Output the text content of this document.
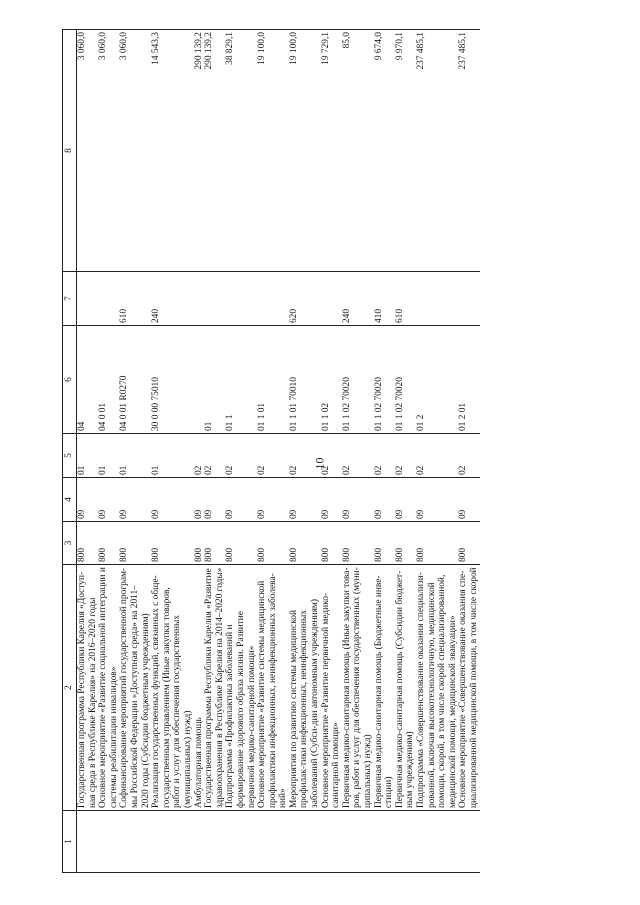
10
1	2	3	4	5	6	7	8
	Государственная программа Республики Карелия «Доступ-ная среда в Республике Карелия» на 2016–2020 годы	800	09	01	04		3 060,0
	Основное мероприятие «Развитие социальной интеграции и системы реабилитации инвалидов»	800	09	01	04 0 01		3 060,0
	Софинансирование мероприятий государственной програм-мы Российской Федерации «Доступная среда» на 2011–2020 годы (Субсидии бюджетным учреждениям)	800	09	01	04 0 01 R0270	610	3 060,0
	Реализация государственных функций, связанных с обще-государственным управлением (Иные закупки товаров, работ и услуг для обеспечения государственных (муниципальных) нужд)	800	09	01	30 0 00 75010	240	14 543,3
	Амбулаторная помощь	800	09	02			290 139,2
	Государственная программа Республики Карелия «Развитие здравоохранения в Республике Карелия на 2014–2020 годы»	800	09	02	01		290 139,2
	Подпрограмма «Профилактика заболеваний и формирование здорового образа жизни. Развитие первичной медико-санитарной помощи»	800	09	02	01 1		38 829,1
	Основное мероприятие «Развитие системы медицинской профилактики инфекционных, неинфекционных заболева-ний»	800	09	02	01 1 01		19 100,0
	Мероприятия по развитию системы медицинской профилак-тики инфекционных, неинфекционных заболеваний (Субси-дии автономным учреждениям)	800	09	02	01 1 01 70010	620	19 100,0
	Основное мероприятие «Развитие первичной медико-санитарной помощи»	800	09	02	01 1 02		19 729,1
	Первичная медико-санитарная помощь (Иные закупки това-ров, работ и услуг для обеспечения государственных (муни-ципальных) нужд)	800	09	02	01 1 02 70020	240	85,0
	Первичная медико-санитарная помощь (Бюджетные инве-стиции)	800	09	02	01 1 02 70020	410	9 674,0
	Первичная медико-санитарная помощь (Субсидии бюджет-ным учреждениям)	800	09	02	01 1 02 70020	610	9 970,1
	Подпрограмма «Совершенствование оказания специализи-рованной, включая высокотехнологичную, медицинской помощи, скорой, в том числе скорой специализированной, медицинской помощи, медицинской эвакуации»	800	09	02	01 2		237 485,1
	Основное мероприятие «Совершенствование оказания спе-циализированной медицинской помощи, в том числе скорой	800	09	02	01 2 01		237 485,1
